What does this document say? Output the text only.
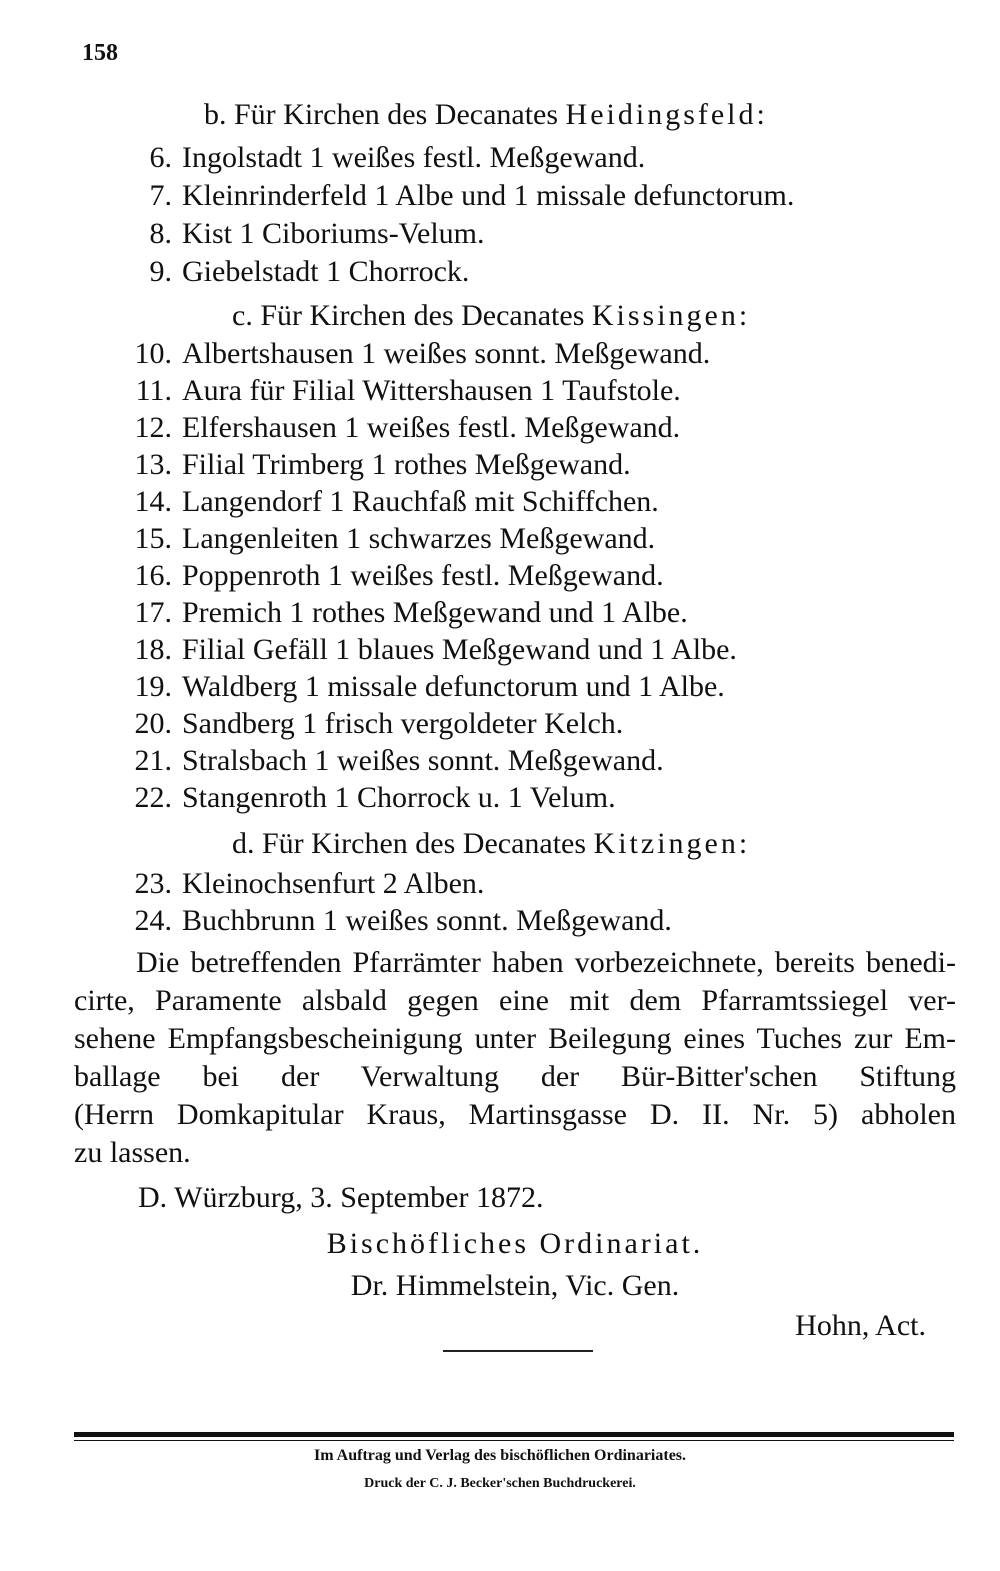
158
b. Für Kirchen des Decanates Heidingsfeld:
6. Ingolstadt 1 weißes festl. Meßgewand.
7. Kleinrinderfeld 1 Albe und 1 missale defunctorum.
8. Kist 1 Ciboriums-Velum.
9. Giebelstadt 1 Chorrock.
c. Für Kirchen des Decanates Kissingen:
10. Albertshausen 1 weißes sonnt. Meßgewand.
11. Aura für Filial Wittershausen 1 Taufstole.
12. Elfershausen 1 weißes festl. Meßgewand.
13. Filial Trimberg 1 rothes Meßgewand.
14. Langendorf 1 Rauchfaß mit Schiffchen.
15. Langenleiten 1 schwarzes Meßgewand.
16. Poppenroth 1 weißes festl. Meßgewand.
17. Premich 1 rothes Meßgewand und 1 Albe.
18. Filial Gefäll 1 blaues Meßgewand und 1 Albe.
19. Waldberg 1 missale defunctorum und 1 Albe.
20. Sandberg 1 frisch vergoldeter Kelch.
21. Stralsbach 1 weißes sonnt. Meßgewand.
22. Stangenroth 1 Chorrock u. 1 Velum.
d. Für Kirchen des Decanates Kitzingen:
23. Kleinochsenfurt 2 Alben.
24. Buchbrunn 1 weißes sonnt. Meßgewand.
Die betreffenden Pfarrämter haben vorbezeichnete, bereits benedi-
cirte, Paramente alsbald gegen eine mit dem Pfarramtssiegel ver-
sehene Empfangsbescheinigung unter Beilegung eines Tuches zur Em-
ballage bei der Verwaltung der Bür-Bitter'schen Stiftung
(Herrn Domkapitular Kraus, Martinsgasse D. II. Nr. 5) abholen
zu lassen.
D. Würzburg, 3. September 1872.
Bischöfliches Ordinariat.
Dr. Himmelstein, Vic. Gen.
Hohn, Act.
Im Auftrag und Verlag des bischöflichen Ordinariates.
Druck der C. J. Becker'schen Buchdruckerei.
